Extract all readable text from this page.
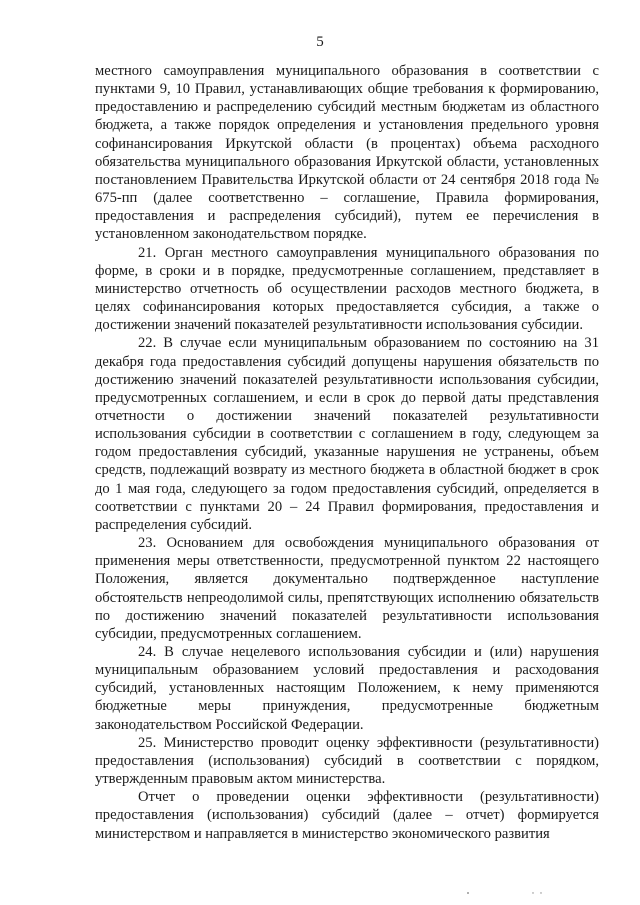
5

местного самоуправления муниципального образования в соответствии с пунктами 9, 10 Правил, устанавливающих общие требования к формированию, предоставлению и распределению субсидий местным бюджетам из областного бюджета, а также порядок определения и установления предельного уровня софинансирования Иркутской области (в процентах) объема расходного обязательства муниципального образования Иркутской области, установленных постановлением Правительства Иркутской области от 24 сентября 2018 года № 675-пп (далее соответственно – соглашение, Правила формирования, предоставления и распределения субсидий), путем ее перечисления в установленном законодательством порядке.

21. Орган местного самоуправления муниципального образования по форме, в сроки и в порядке, предусмотренные соглашением, представляет в министерство отчетность об осуществлении расходов местного бюджета, в целях софинансирования которых предоставляется субсидия, а также о достижении значений показателей результативности использования субсидии.

22. В случае если муниципальным образованием по состоянию на 31 декабря года предоставления субсидий допущены нарушения обязательств по достижению значений показателей результативности использования субсидии, предусмотренных соглашением, и если в срок до первой даты представления отчетности о достижении значений показателей результативности использования субсидии в соответствии с соглашением в году, следующем за годом предоставления субсидий, указанные нарушения не устранены, объем средств, подлежащий возврату из местного бюджета в областной бюджет в срок до 1 мая года, следующего за годом предоставления субсидий, определяется в соответствии с пунктами 20 – 24 Правил формирования, предоставления и распределения субсидий.

23. Основанием для освобождения муниципального образования от применения меры ответственности, предусмотренной пунктом 22 настоящего Положения, является документально подтвержденное наступление обстоятельств непреодолимой силы, препятствующих исполнению обязательств по достижению значений показателей результативности использования субсидии, предусмотренных соглашением.

24. В случае нецелевого использования субсидии и (или) нарушения муниципальным образованием условий предоставления и расходования субсидий, установленных настоящим Положением, к нему применяются бюджетные меры принуждения, предусмотренные бюджетным законодательством Российской Федерации.

25. Министерство проводит оценку эффективности (результативности) предоставления (использования) субсидий в соответствии с порядком, утвержденным правовым актом министерства.

Отчет о проведении оценки эффективности (результативности) предоставления (использования) субсидий (далее – отчет) формируется министерством и направляется в министерство экономического развития
